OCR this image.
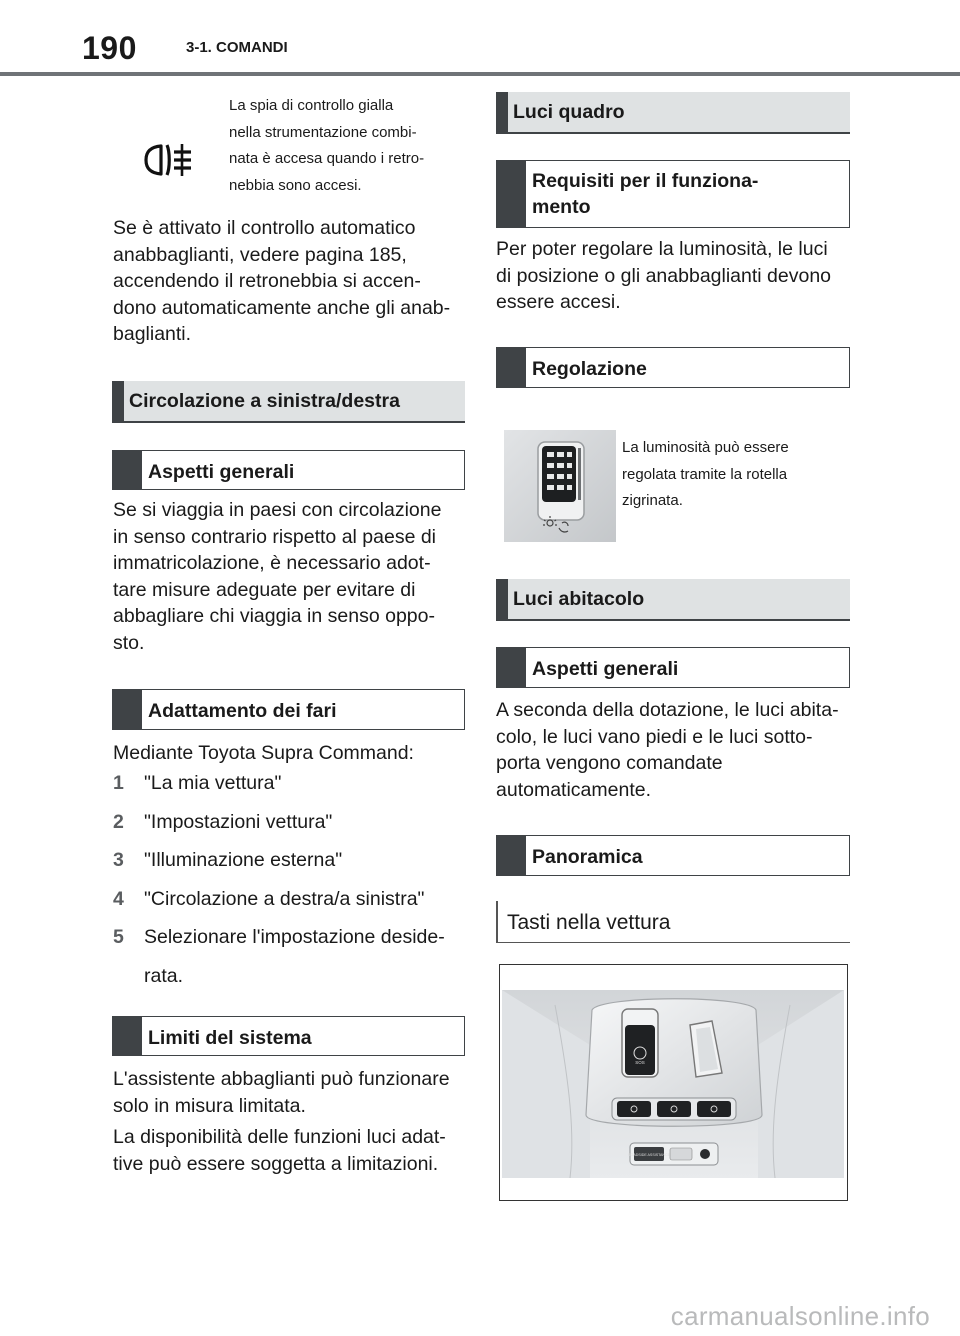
190	3-1. COMANDI

La spia di controllo gialla

nella strumentazione combi-

nata è accesa quando i retro-

nebbia sono accesi.

Se è attivato il controllo automatico

anabbaglianti, vedere pagina 185,

accendendo il retronebbia si accen-

dono automaticamente anche gli anab-

baglianti.

Circolazione a sinistra/destra
Aspetti generali

Se si viaggia in paesi con circolazione

in senso contrario rispetto al paese di

immatricolazione, è necessario adot-

tare misure adeguate per evitare di

abbagliare chi viaggia in senso oppo-

sto.

Adattamento dei fari

Mediante Toyota Supra Command:

1 "La mia vettura"
2 "Impostazioni vettura"
3 "Illuminazione esterna"
4 "Circolazione a destra/a sinistra"
5 Selezionare l'impostazione deside-
rata.
Limiti del sistema

L'assistente abbaglianti può funzionare

solo in misura limitata.

La disponibilità delle funzioni luci adat-

tive può essere soggetta a limitazioni.

Luci quadro
Requisiti per il funziona-
mento

Per poter regolare la luminosità, le luci

di posizione o gli anabbaglianti devono

essere accesi.

Regolazione

La luminosità può essere

regolata tramite la rotella

zigrinata.

Luci abitacolo
Aspetti generali

A seconda della dotazione, le luci abita-

colo, le luci vano piedi e le luci sotto-

porta vengono comandate

automaticamente.

Panoramica
Tasti nella vettura
SOS
ROADSIDE ASSISTANCE
carmanualsonline.info
